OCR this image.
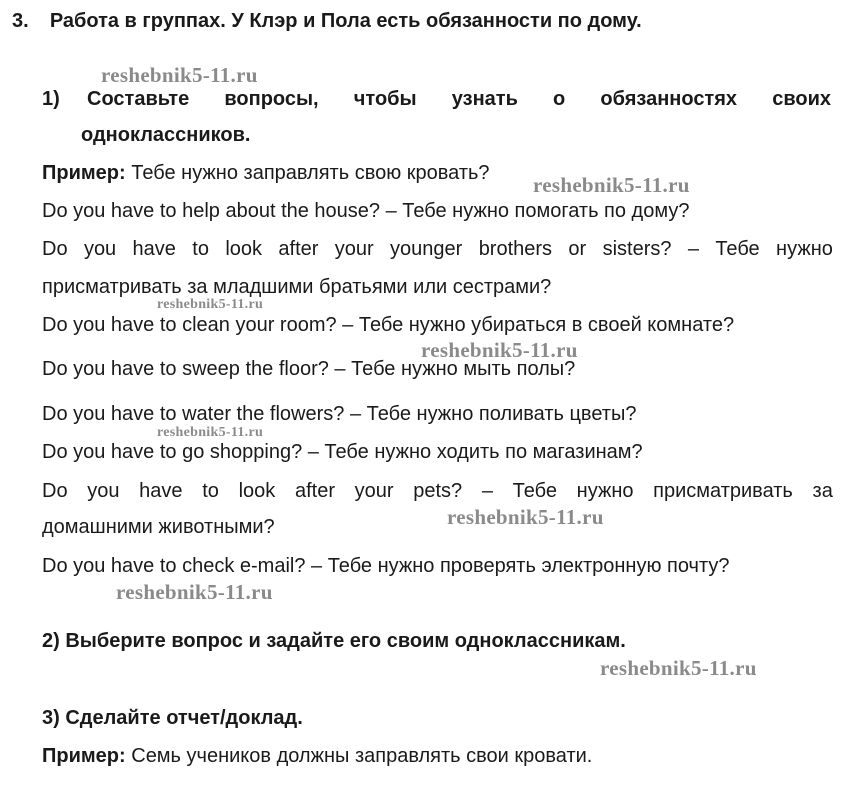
3. Работа в группах. У Клэр и Пола есть обязанности по дому.
1) Составьте вопросы, чтобы узнать о обязанностях своих
одноклассников.
Пример: Тебе нужно заправлять свою кровать?
Do you have to help about the house? – Тебе нужно помогать по дому?
Do you have to look after your younger brothers or sisters? – Тебе нужно
присматривать за младшими братьями или сестрами?
Do you have to clean your room? – Тебе нужно убираться в своей комнате?
Do you have to sweep the floor? – Тебе нужно мыть полы?
Do you have to water the flowers? – Тебе нужно поливать цветы?
Do you have to go shopping? – Тебе нужно ходить по магазинам?
Do you have to look after your pets? – Тебе нужно присматривать за
домашними животными?
Do you have to check e-mail? – Тебе нужно проверять электронную почту?
2) Выберите вопрос и задайте его своим одноклассникам.
3) Сделайте отчет/доклад.
Пример: Семь учеников должны заправлять свои кровати.
reshebnik5-11.ru
reshebnik5-11.ru
reshebnik5-11.ru
reshebnik5-11.ru
reshebnik5-11.ru
reshebnik5-11.ru
reshebnik5-11.ru
reshebnik5-11.ru
